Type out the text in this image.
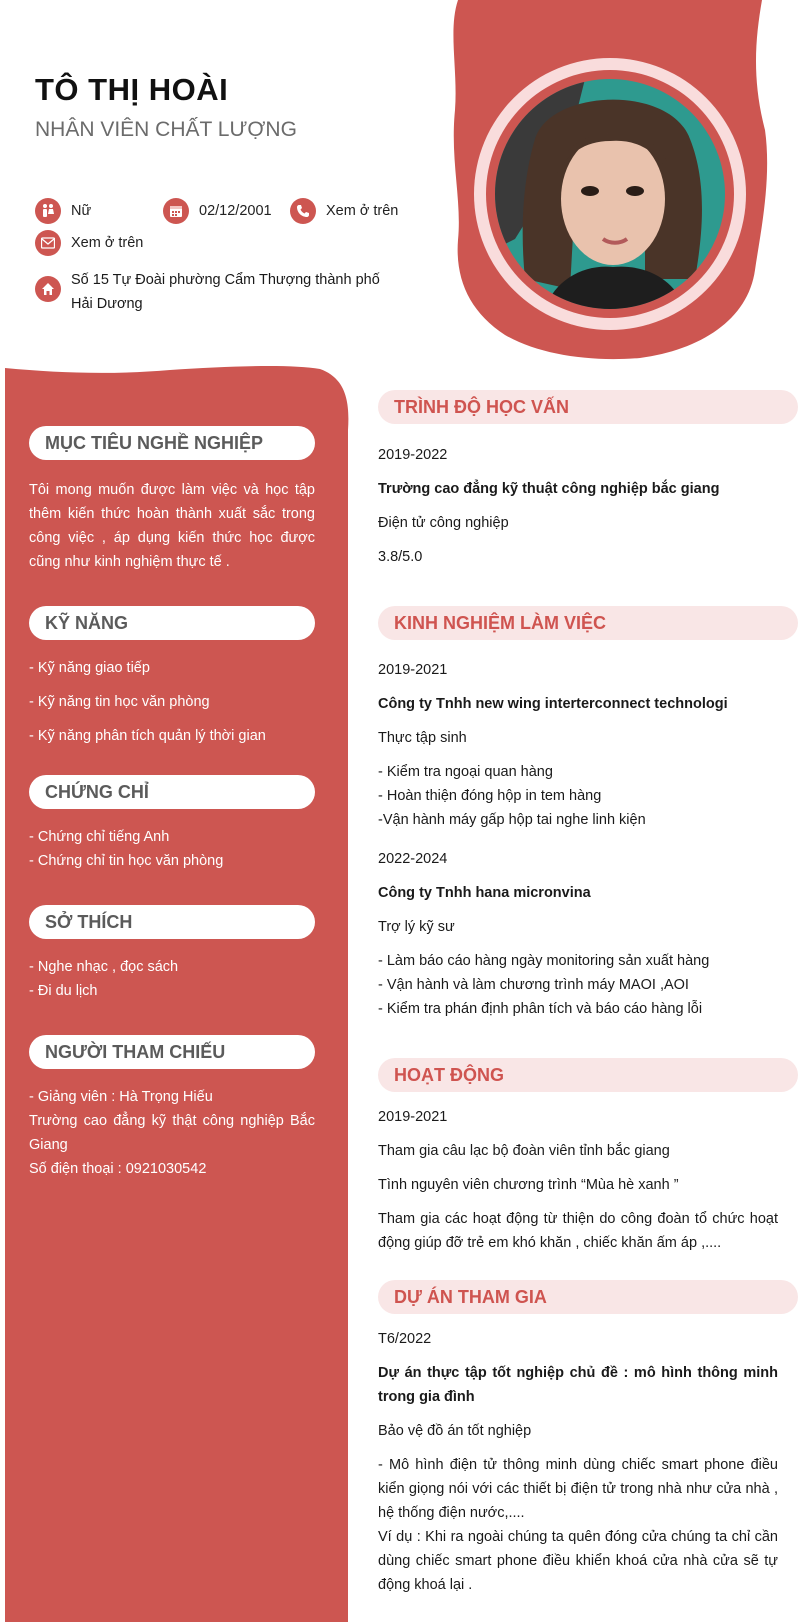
TÔ THỊ HOÀI
NHÂN VIÊN CHẤT LƯỢNG
Nữ	02/12/2001	Xem ở trên
Xem ở trên
Số 15 Tự Đoài phường Cẩm Thượng thành phố Hải Dương
MỤC TIÊU NGHỀ NGHIỆP
Tôi mong muốn được làm việc và học tập thêm kiến thức hoàn thành xuất sắc trong công việc , áp dụng kiến thức học được cũng như kinh nghiệm thực tế .
KỸ NĂNG
- Kỹ năng giao tiếp
- Kỹ năng tin học văn phòng
- Kỹ năng phân tích quản lý thời gian
CHỨNG CHỈ
- Chứng chỉ tiếng Anh
- Chứng chỉ tin học văn phòng
SỞ THÍCH
- Nghe nhạc , đọc sách
- Đi du lịch
NGƯỜI THAM CHIẾU
- Giảng viên : Hà Trọng Hiếu
Trường cao đẳng kỹ thật công nghiệp Bắc Giang
Số điện thoại : 0921030542
TRÌNH ĐỘ HỌC VẤN
2019-2022
Trường cao đẳng kỹ thuật công nghiệp bắc giang
Điện tử công nghiệp
3.8/5.0
KINH NGHIỆM LÀM VIỆC
2019-2021
Công ty Tnhh new wing interterconnect technologi
Thực tập sinh
- Kiểm tra ngoại quan hàng
- Hoàn thiện đóng hộp in tem hàng
-Vận hành máy gấp hộp tai nghe linh kiện
2022-2024
Công ty Tnhh hana micronvina
Trợ lý kỹ sư
- Làm báo cáo hàng ngày monitoring sản xuất hàng
- Vận hành và làm chương trình máy MAOI ,AOI
- Kiểm tra phán định phân tích và báo cáo hàng lỗi
HOẠT ĐỘNG
2019-2021
Tham gia câu lạc bộ đoàn viên tỉnh bắc giang
Tình nguyên viên chương trình “Mùa hè xanh ”
Tham gia các hoạt động từ thiện do công đoàn tổ chức hoạt động giúp đỡ trẻ em khó khăn , chiếc khăn ấm áp ,....
DỰ ÁN THAM GIA
T6/2022
Dự án thực tập tốt nghiệp chủ đề : mô hình thông minh trong gia đình
Bảo vệ đồ án tốt nghiệp
- Mô hình điện tử thông minh dùng chiếc smart phone điều kiển giọng nói với các thiết bị điện tử trong nhà như cửa nhà , hệ thống điện nước,....
Ví dụ : Khi ra ngoài chúng ta quên đóng cửa chúng ta chỉ cần dùng chiếc smart phone điều khiển khoá cửa nhà cửa sẽ tự động khoá lại .
